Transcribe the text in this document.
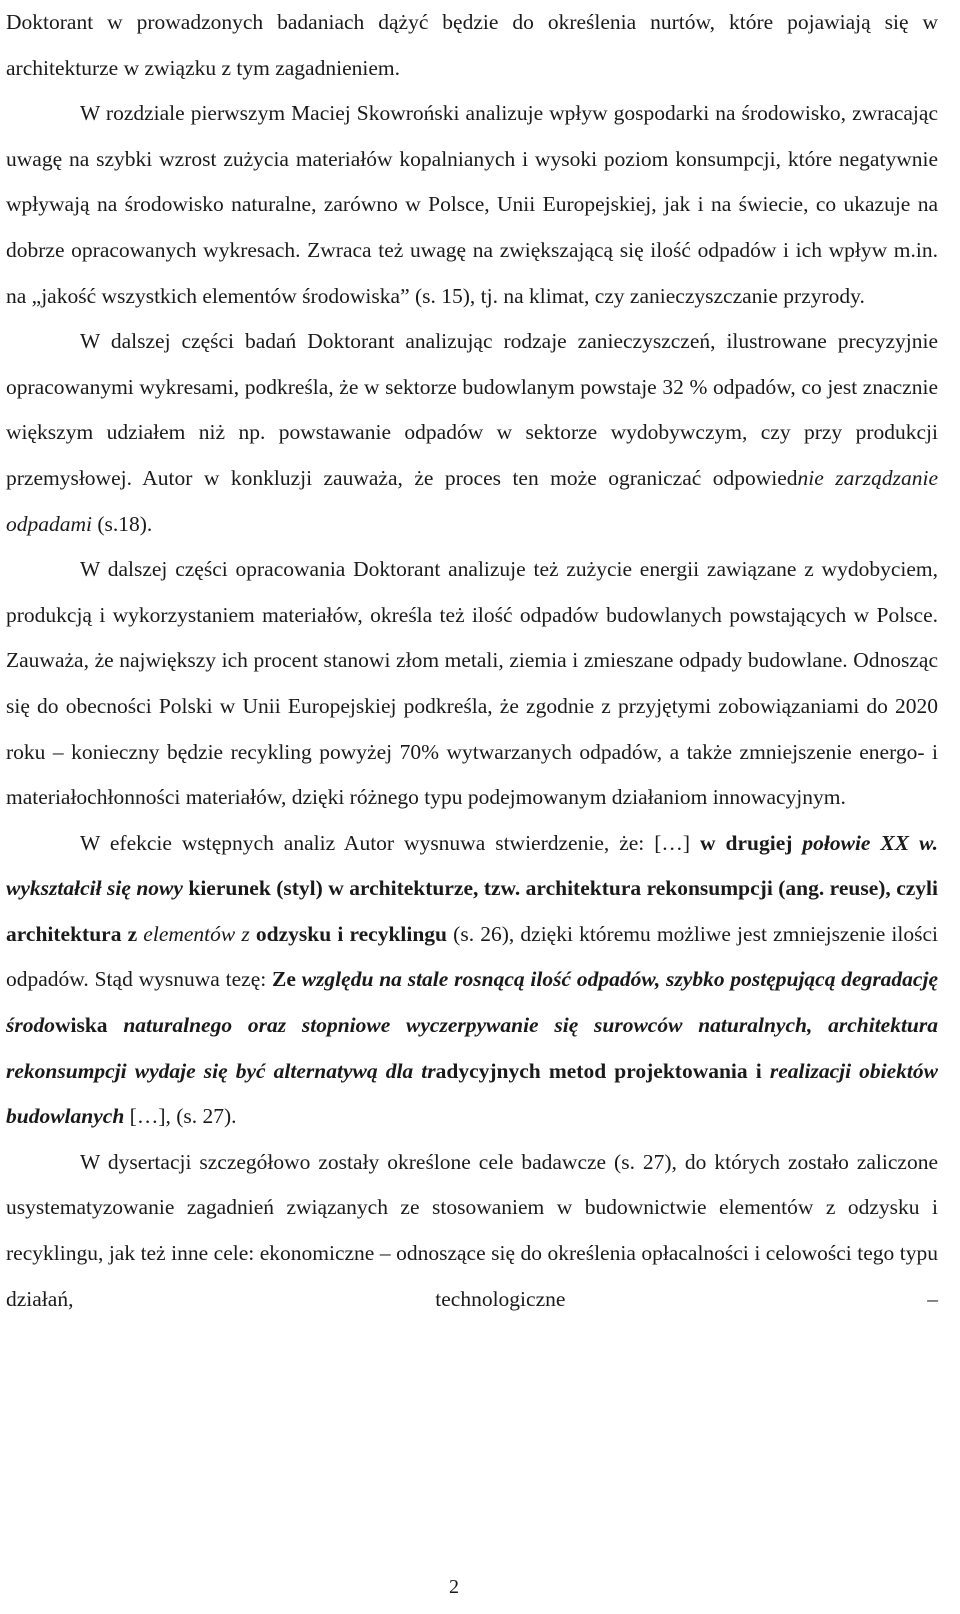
Doktorant w prowadzonych badaniach dążyć będzie do określenia nurtów, które pojawiają się w architekturze w związku z tym zagadnieniem.

W rozdziale pierwszym Maciej Skowroński analizuje wpływ gospodarki na środowisko, zwracając uwagę na szybki wzrost zużycia materiałów kopalnianych i wysoki poziom konsumpcji, które negatywnie wpływają na środowisko naturalne, zarówno w Polsce, Unii Europejskiej, jak i na świecie, co ukazuje na dobrze opracowanych wykresach. Zwraca też uwagę na zwiększającą się ilość odpadów i ich wpływ m.in. na „jakość wszystkich elementów środowiska” (s. 15), tj. na klimat, czy zanieczyszczanie przyrody.

W dalszej części badań Doktorant analizując rodzaje zanieczyszczeń, ilustrowane precyzyjnie opracowanymi wykresami, podkreśla, że w sektorze budowlanym powstaje 32 % odpadów, co jest znacznie większym udziałem niż np. powstawanie odpadów w sektorze wydobywczym, czy przy produkcji przemysłowej. Autor w konkluzji zauważa, że proces ten może ograniczać odpowiednie zarządzanie odpadami (s.18).

W dalszej części opracowania Doktorant analizuje też zużycie energii zawiązane z wydobyciem, produkcją i wykorzystaniem materiałów, określa też ilość odpadów budowlanych powstających w Polsce. Zauważa, że największy ich procent stanowi złom metali, ziemia i zmieszane odpady budowlane. Odnosząc się do obecności Polski w Unii Europejskiej podkreśla, że zgodnie z przyjętymi zobowiązaniami do 2020 roku – konieczny będzie recykling powyżej 70% wytwarzanych odpadów, a także zmniejszenie energo- i materiałochłonności materiałów, dzięki różnego typu podejmowanym działaniom innowacyjnym.

W efekcie wstępnych analiz Autor wysnuwa stwierdzenie, że: […] w drugiej połowie XX w. wykształcił się nowy kierunek (styl) w architekturze, tzw. architektura rekonsumpcji (ang. reuse), czyli architektura z elementów z odzysku i recyklingu (s. 26), dzięki któremu możliwe jest zmniejszenie ilości odpadów. Stąd wysnuwa tezę: Ze względu na stale rosnącą ilość odpadów, szybko postępującą degradację środowiska naturalnego oraz stopniowe wyczerpywanie się surowców naturalnych, architektura rekonsumpcji wydaje się być alternatywą dla tradycyjnych metod projektowania i realizacji obiektów budowlanych […], (s. 27).

W dysertacji szczegółowo zostały określone cele badawcze (s. 27), do których zostało zaliczone usystematyzowanie zagadnień związanych ze stosowaniem w budownictwie elementów z odzysku i recyklingu, jak też inne cele: ekonomiczne – odnoszące się do określenia opłacalności i celowości tego typu działań, technologiczne –

2
